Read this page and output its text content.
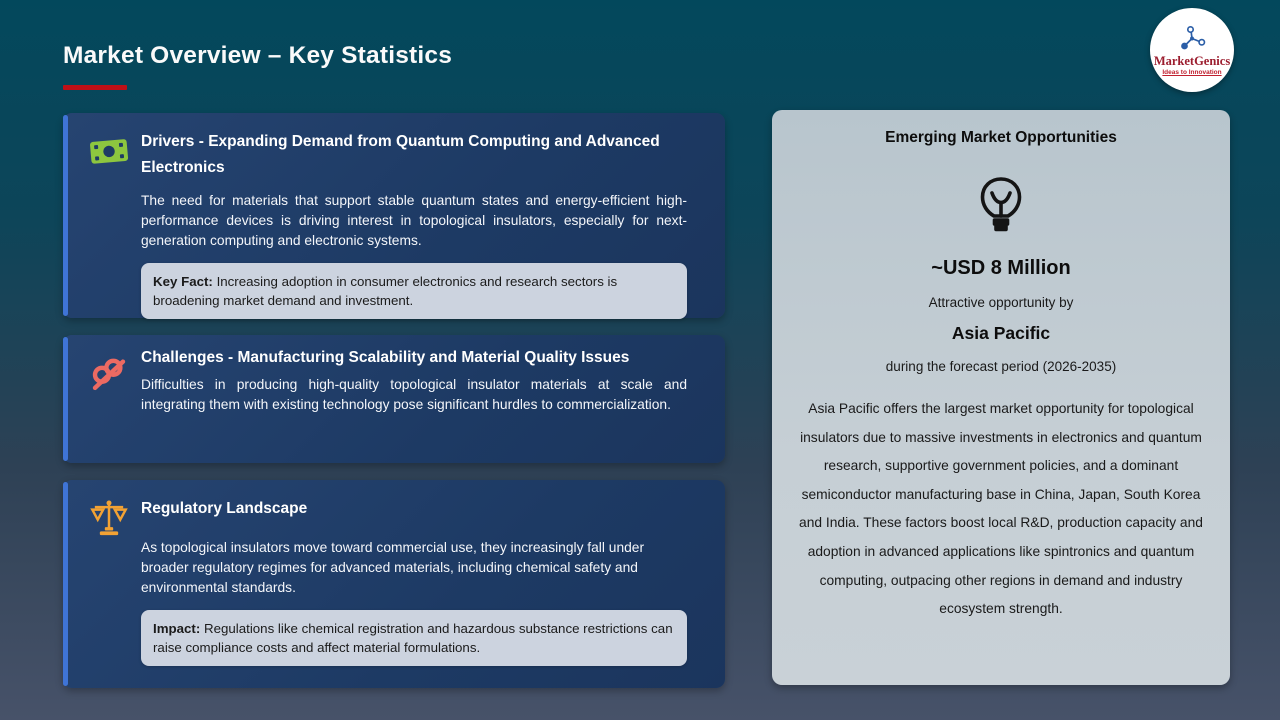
Market Overview – Key Statistics	MarketGenics
Ideas to Innovation
Drivers - Expanding Demand from Quantum Computing and Advanced Electronics

The need for materials that support stable quantum states and energy-efficient high-performance devices is driving interest in topological insulators, especially for next-generation computing and electronic systems.

Key Fact: Increasing adoption in consumer electronics and research sectors is broadening market demand and investment.
Challenges - Manufacturing Scalability and Material Quality Issues

Difficulties in producing high-quality topological insulator materials at scale and integrating them with existing technology pose significant hurdles to commercialization.

Regulatory Landscape

As topological insulators move toward commercial use, they increasingly fall under broader regulatory regimes for advanced materials, including chemical safety and environmental standards.

Impact: Regulations like chemical registration and hazardous substance restrictions can raise compliance costs and affect material formulations.
Emerging Market Opportunities
~USD 8 Million
Attractive opportunity by
Asia Pacific
during the forecast period (2026-2035)

Asia Pacific offers the largest market opportunity for topological insulators due to massive investments in electronics and quantum research, supportive government policies, and a dominant semiconductor manufacturing base in China, Japan, South Korea and India. These factors boost local R&D, production capacity and adoption in advanced applications like spintronics and quantum computing, outpacing other regions in demand and industry ecosystem strength.
